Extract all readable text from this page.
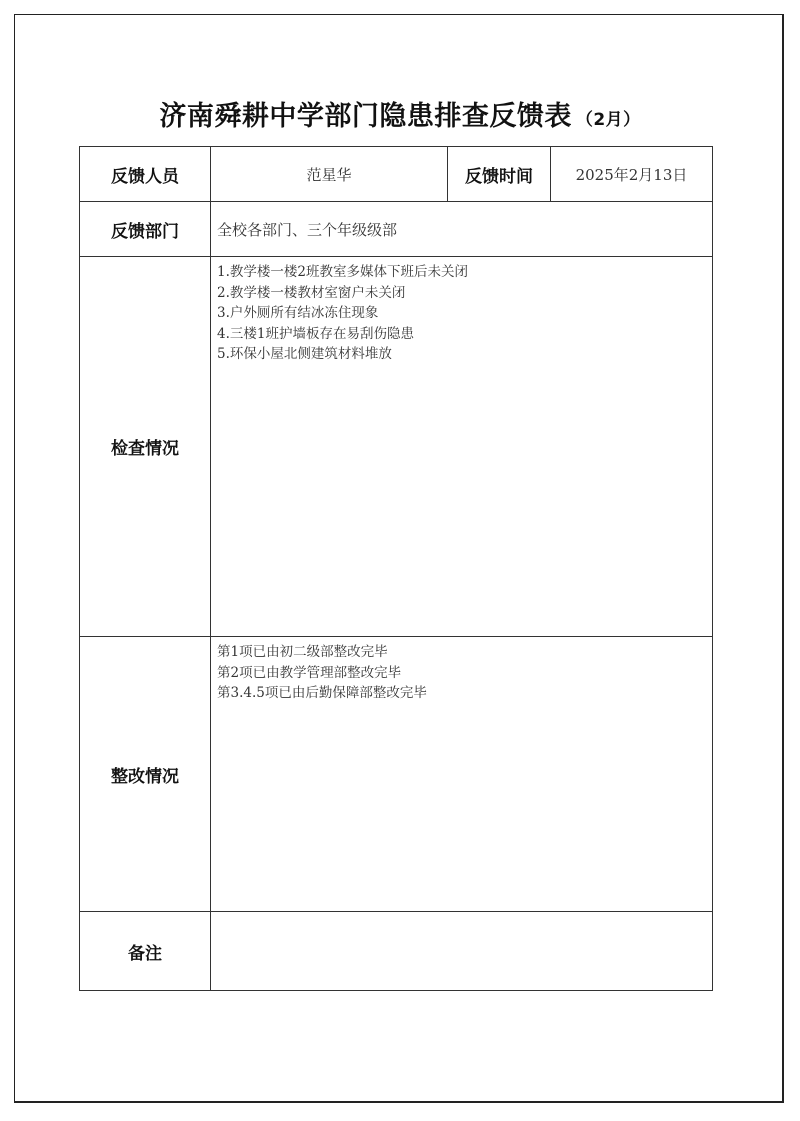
济南舜耕中学部门隐患排查反馈表 （2月）
反馈人员	范星华	反馈时间	2025年2月13日
反馈部门	全校各部门、三个年级级部		
检查情况	1.教学楼一楼2班教室多媒体下班后未关闭
2.教学楼一楼教材室窗户未关闭
3.户外厕所有结冰冻住现象
4.三楼1班护墙板存在易刮伤隐患
5.环保小屋北侧建筑材料堆放		

整改情况	第1项已由初二级部整改完毕
第2项已由教学管理部整改完毕
第3.4.5项已由后勤保障部整改完毕		

备注			
